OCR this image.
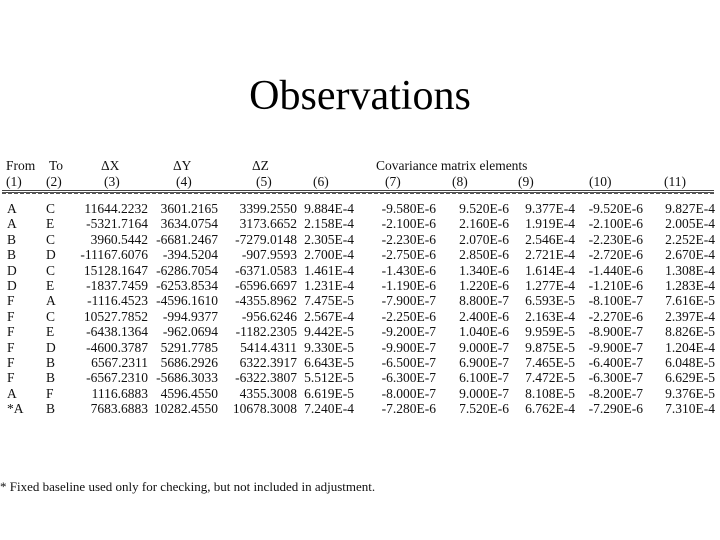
Observations
From To	ΔX	ΔY	ΔZ	Covariance matrix elements
(1) (2)	(3)	(4)	(5)	(6)	(7)	(8)	(9)	(10)	(11)
A	C	11644.2232 3601.2165 3399.2550 9.884E-4 -9.580E-6 9.520E-6 9.377E-4 -9.520E-6 9.827E-4
A	E	-5321.7164 3634.0754 3173.6652 2.158E-4 -2.100E-6 2.160E-6 1.919E-4 -2.100E-6 2.005E-4
B	C	3960.5442 -6681.2467 -7279.0148 2.305E-4 -2.230E-6 2.070E-6 2.546E-4 -2.230E-6 2.252E-4
B	D	-11167.6076 -394.5204 -907.9593 2.700E-4 -2.750E-6 2.850E-6 2.721E-4 -2.720E-6 2.670E-4
D	C	15128.1647 -6286.7054 -6371.0583 1.461E-4 -1.430E-6 1.340E-6 1.614E-4 -1.440E-6 1.308E-4
D	E	-1837.7459 -6253.8534 -6596.6697 1.231E-4 -1.190E-6 1.220E-6 1.277E-4 -1.210E-6 1.283E-4
F	A	-1116.4523 -4596.1610 -4355.8962 7.475E-5 -7.900E-7 8.800E-7 6.593E-5 -8.100E-7 7.616E-5
F	C	10527.7852 -994.9377 -956.6246 2.567E-4 -2.250E-6 2.400E-6 2.163E-4 -2.270E-6 2.397E-4
F	E	-6438.1364 -962.0694 -1182.2305 9.442E-5 -9.200E-7 1.040E-6 9.959E-5 -8.900E-7 8.826E-5
F	D	-4600.3787 5291.7785 5414.4311 9.330E-5 -9.900E-7 9.000E-7 9.875E-5 -9.900E-7 1.204E-4
F	B	6567.2311 5686.2926 6322.3917 6.643E-5 -6.500E-7 6.900E-7 7.465E-5 -6.400E-7 6.048E-5
F	B	-6567.2310 -5686.3033 -6322.3807 5.512E-5 -6.300E-7 6.100E-7 7.472E-5 -6.300E-7 6.629E-5
A	F	1116.6883 4596.4550 4355.3008 6.619E-5 -8.000E-7 9.000E-7 8.108E-5 -8.200E-7 9.376E-5
*A	B	7683.6883 10282.4550 10678.3008 7.240E-4 -7.280E-6 7.520E-6 6.762E-4 -7.290E-6 7.310E-4
* Fixed baseline used only for checking, but not included in adjustment.
